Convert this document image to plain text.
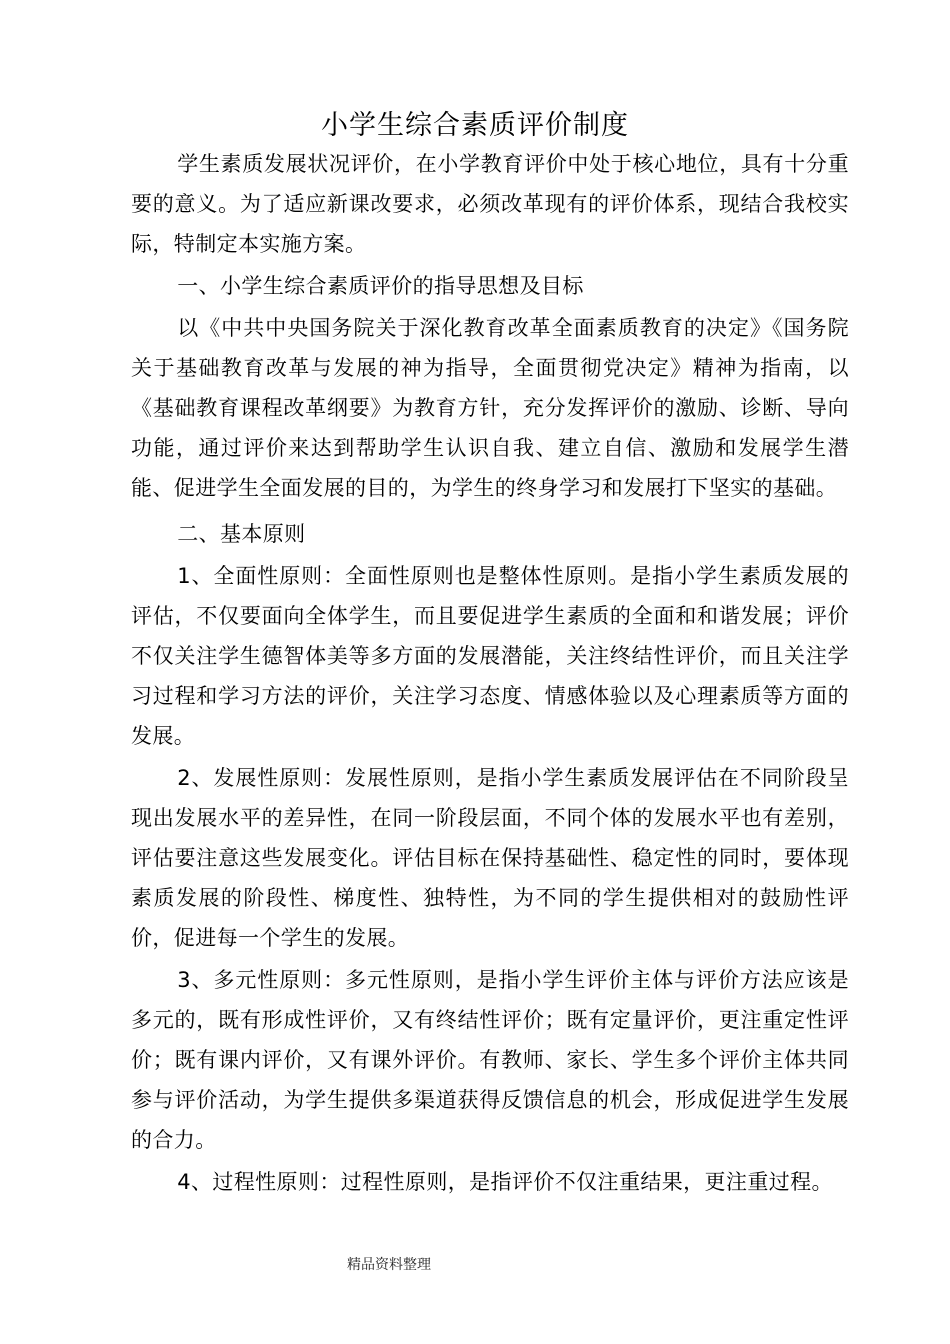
小学生综合素质评价制度

学生素质发展状况评价，在小学教育评价中处于核心地位，具有十分重要的意义。为了适应新课改要求，必须改革现有的评价体系，现结合我校实际，特制定本实施方案。

一、小学生综合素质评价的指导思想及目标

以《中共中央国务院关于深化教育改革全面素质教育的决定》《国务院关于基础教育改革与发展的神为指导，全面贯彻党决定》精神为指南，以《基础教育课程改革纲要》为教育方针，充分发挥评价的激励、诊断、导向功能，通过评价来达到帮助学生认识自我、建立自信、激励和发展学生潜能、促进学生全面发展的目的，为学生的终身学习和发展打下坚实的基础。

二、基本原则

1、全面性原则：全面性原则也是整体性原则。是指小学生素质发展的评估，不仅要面向全体学生，而且要促进学生素质的全面和和谐发展；评价不仅关注学生德智体美等多方面的发展潜能，关注终结性评价，而且关注学习过程和学习方法的评价，关注学习态度、情感体验以及心理素质等方面的发展。

2、发展性原则：发展性原则，是指小学生素质发展评估在不同阶段呈现出发展水平的差异性，在同一阶段层面，不同个体的发展水平也有差别，评估要注意这些发展变化。评估目标在保持基础性、稳定性的同时，要体现素质发展的阶段性、梯度性、独特性，为不同的学生提供相对的鼓励性评价，促进每一个学生的发展。

3、多元性原则：多元性原则，是指小学生评价主体与评价方法应该是多元的，既有形成性评价，又有终结性评价；既有定量评价，更注重定性评价；既有课内评价，又有课外评价。有教师、家长、学生多个评价主体共同参与评价活动，为学生提供多渠道获得反馈信息的机会，形成促进学生发展的合力。

4、过程性原则：过程性原则，是指评价不仅注重结果，更注重过程。

精品资料整理
